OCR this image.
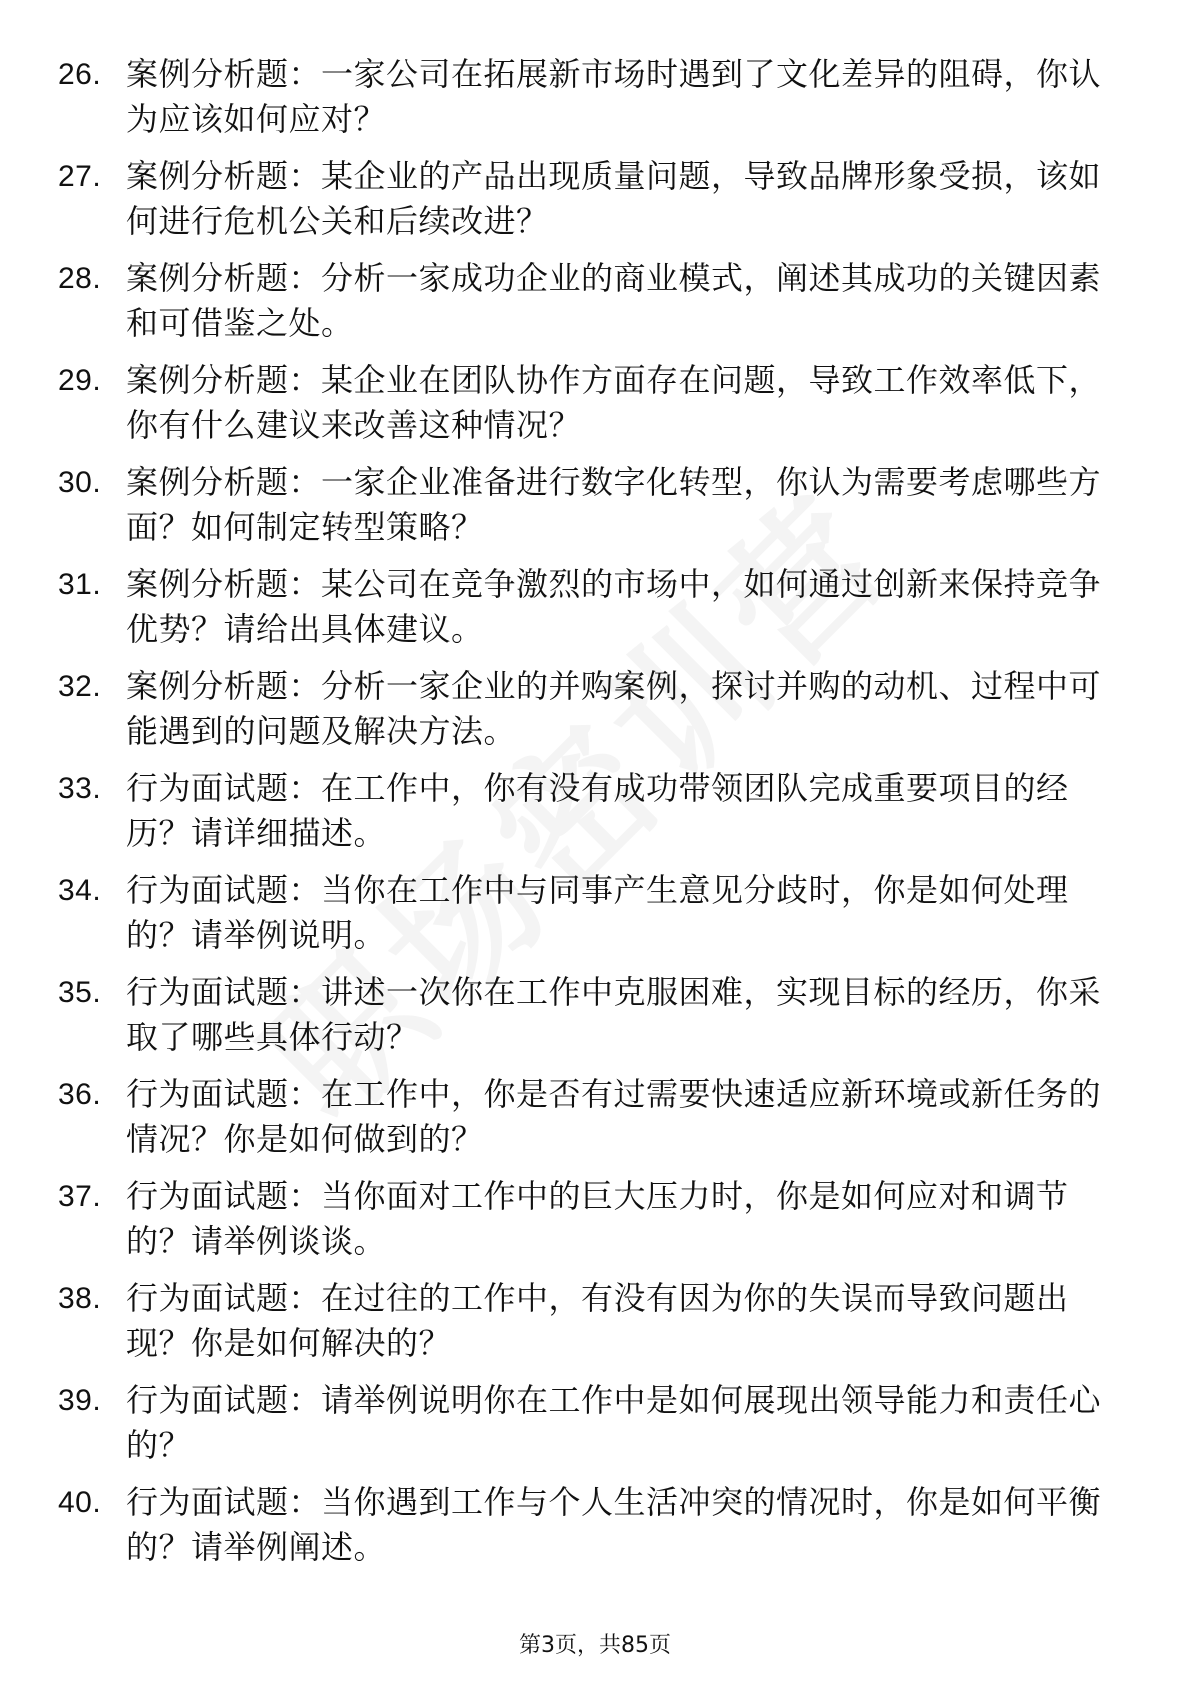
26. 案例分析题：一家公司在拓展新市场时遇到了文化差异的阻碍，你认为应该如何应对？
27. 案例分析题：某企业的产品出现质量问题，导致品牌形象受损，该如何进行危机公关和后续改进？
28. 案例分析题：分析一家成功企业的商业模式，阐述其成功的关键因素和可借鉴之处。
29. 案例分析题：某企业在团队协作方面存在问题，导致工作效率低下，你有什么建议来改善这种情况？
30. 案例分析题：一家企业准备进行数字化转型，你认为需要考虑哪些方面？如何制定转型策略？
31. 案例分析题：某公司在竞争激烈的市场中，如何通过创新来保持竞争优势？请给出具体建议。
32. 案例分析题：分析一家企业的并购案例，探讨并购的动机、过程中可能遇到的问题及解决方法。
33. 行为面试题：在工作中，你有没有成功带领团队完成重要项目的经历？请详细描述。
34. 行为面试题：当你在工作中与同事产生意见分歧时，你是如何处理的？请举例说明。
35. 行为面试题：讲述一次你在工作中克服困难，实现目标的经历，你采取了哪些具体行动？
36. 行为面试题：在工作中，你是否有过需要快速适应新环境或新任务的情况？你是如何做到的？
37. 行为面试题：当你面对工作中的巨大压力时，你是如何应对和调节的？请举例谈谈。
38. 行为面试题：在过往的工作中，有没有因为你的失误而导致问题出现？你是如何解决的？
39. 行为面试题：请举例说明你在工作中是如何展现出领导能力和责任心的？
40. 行为面试题：当你遇到工作与个人生活冲突的情况时，你是如何平衡的？请举例阐述。
第3页，共85页
